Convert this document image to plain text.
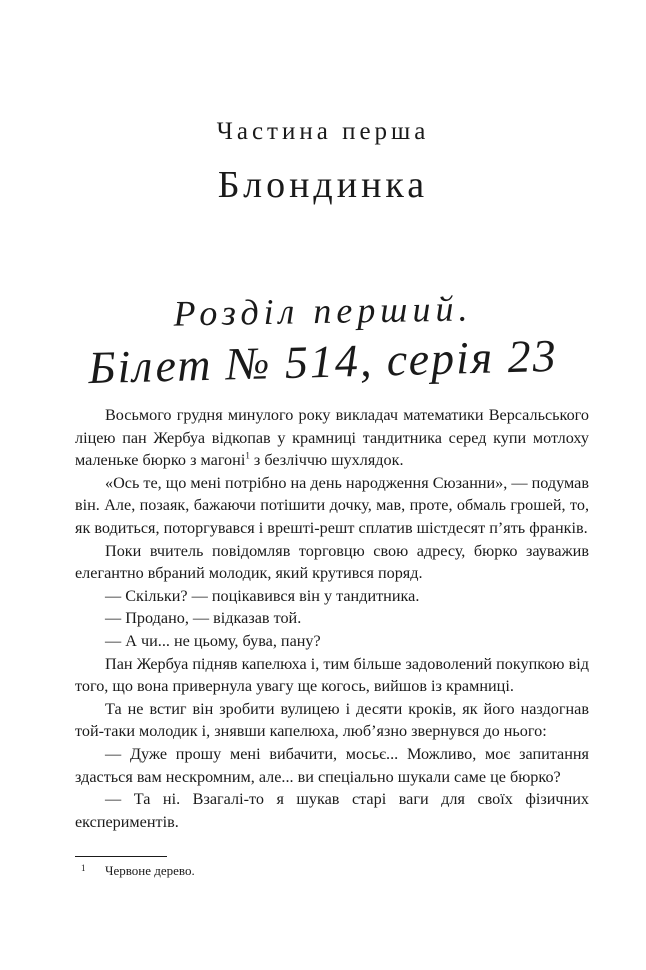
Частина перша
Блондинка
Розділ перший.
Білет № 514, серія 23

Восьмого грудня минулого року викладач математики Версальського ліцею пан Жербуа відкопав у крамниці тандитника серед купи мотлоху маленьке бюрко з магоні$^1$ з безліччю шухлядок.

«Ось те, що мені потрібно на день народження Сюзанни», — подумав він. Але, позаяк, бажаючи потішити дочку, мав, проте, обмаль грошей, то, як водиться, поторгувався і врешті-решт сплатив шістдесят п’ять франків.

Поки вчитель повідомляв торговцю свою адресу, бюрко зауважив елегантно вбраний молодик, який крутився поряд.

— Скільки? — поцікавився він у тандитника.

— Продано, — відказав той.

— А чи... не цьому, бува, пану?

Пан Жербуа підняв капелюха і, тим більше задоволений покупкою від того, що вона привернула увагу ще когось, вийшов із крамниці.

Та не встиг він зробити вулицею і десяти кроків, як його наздогнав той-таки молодик і, знявши капелюха, люб’язно звернувся до нього:

— Дуже прошу мені вибачити, мосьє... Можливо, моє запитання здасться вам нескромним, але... ви спеціально шукали саме це бюрко?

— Та ні. Взагалі-то я шукав старі ваги для своїх фізичних експериментів.

1 Червоне дерево.
